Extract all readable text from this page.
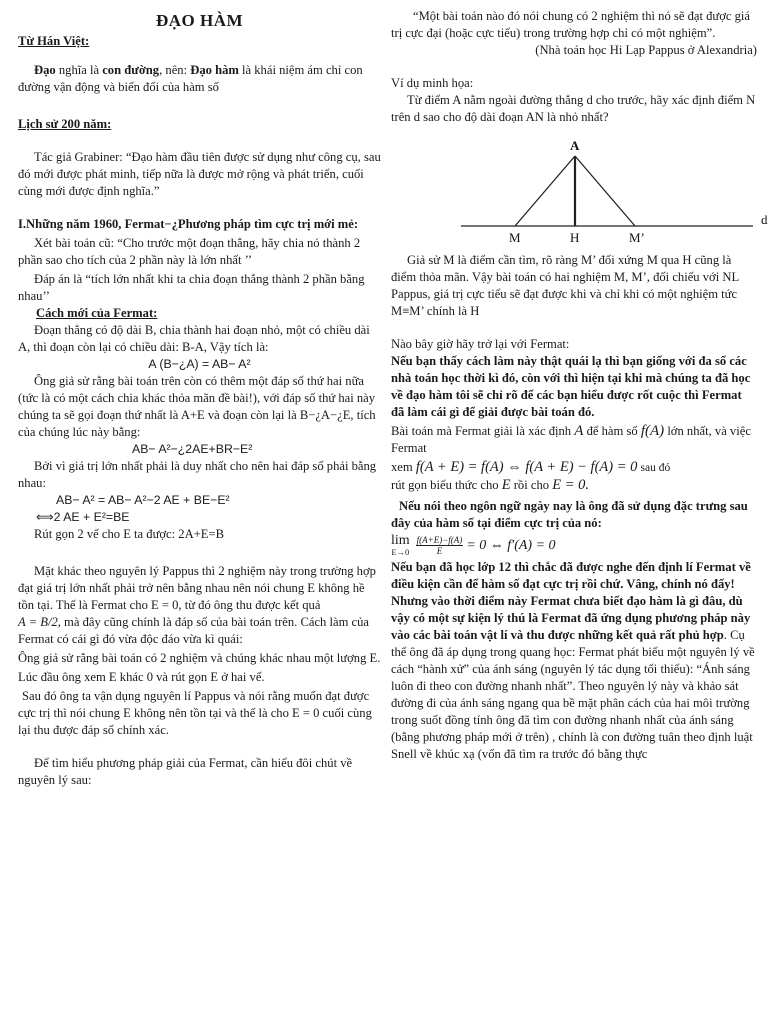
ĐẠO HÀM

Từ Hán Việt:

Đạo nghĩa là con đường, nên: Đạo hàm là khái niệm ám chỉ con đường vận động và biến đổi của hàm số

Lịch sử 200 năm:

Tác giả Grabiner: “Đạo hàm đầu tiên được sử dụng như công cụ, sau đó mới được phát minh, tiếp nữa là được mở rộng và phát triển, cuối cùng mới được định nghĩa.”

I.Những năm 1960, Fermat−¿Phương pháp tìm cực trị mới mẻ:

Xét bài toán cũ: “Cho trước một đoạn thẳng, hãy chia nó thành 2 phần sao cho tích của 2 phần này là lớn nhất ’’

Đáp án là “tích lớn nhất khi ta chia đoạn thẳng thành 2 phần bằng nhau’’

Cách mới của Fermat:

Đoạn thẳng có độ dài B, chia thành hai đoạn nhỏ, một có chiều dài A, thì đoạn còn lại có chiều dài: B-A, Vậy tích là:

A (B−¿A) = AB− A²

Ông giả sử rằng bài toán trên còn có thêm một đáp số thứ hai nữa (tức là có một cách chia khác thỏa mãn đề bài!), với đáp số thứ hai này chúng ta sẽ gọi đoạn thứ nhất là A+E và đoạn còn lại là B−¿A−¿E, tích của chúng lúc này bằng:

AB− A²−¿2AE+BR−E²

Bởi vì giá trị lớn nhất phải là duy nhất cho nên hai đáp số phải bằng nhau:

AB− A² = AB− A²−2 AE + BE−E²

⟺2 AE + E²=BE

Rút gọn 2 vế cho E ta được: 2A+E=B

Mặt khác theo nguyên lý Pappus thì 2 nghiệm này trong trường hợp đạt giá trị lớn nhất phải trở nên bằng nhau nên nói chung E không hề tồn tại. Thế là Fermat cho E = 0, từ đó ông thu được kết quả

A = B/2, mà đây cũng chính là đáp số của bài toán trên. Cách làm của Fermat có cái gì đó vừa độc đáo vừa kì quái:

Ông giả sử rằng bài toán có 2 nghiệm và chúng khác nhau một lượng E.

Lúc đầu ông xem E khác 0 và rút gọn E ở hai vế.

Sau đó ông ta vận dụng nguyên lí Pappus và nói rằng muốn đạt được cực trị thì nói chung E không nên tồn tại và thế là cho E = 0 cuối cùng lại thu được đáp số chính xác.

Để tìm hiểu phương pháp giải của Fermat, cần hiểu đôi chút về nguyên lý sau:

“Một bài toán nào đó nói chung có 2 nghiệm thì nó sẽ đạt được giá trị cực đại (hoặc cực tiểu) trong trường hợp chỉ có một nghiệm”.

(Nhà toán học Hi Lạp Pappus ở Alexandria)

Ví dụ minh họa:

Từ điểm A nằm ngoài đường thẳng d cho trước, hãy xác định điểm N trên d sao cho độ dài đoạn AN là nhỏ nhất?

A
M	H	M’
d

Giả sử M là điểm cần tìm, rõ ràng M’ đối xứng M qua H cũng là điểm thỏa mãn. Vậy bài toán có hai nghiệm M, M’, đối chiếu với NL Pappus, giá trị cực tiểu sẽ đạt được khi và chỉ khi có một nghiệm tức M≡M’ chính là H

Nào bây giờ hãy trở lại với Fermat:

Nếu bạn thấy cách làm này thật quái lạ thì bạn giống với đa số các nhà toán học thời kì đó, còn với thì hiện tại khi mà chúng ta đã học về đạo hàm tôi sẽ chỉ rõ để các bạn hiểu được rốt cuộc thì Fermat đã làm cái gì để giải được bài toán đó.

Bài toán mà Fermat giải là xác định A để hàm số f(A) lớn nhất, và việc Fermat

xem f(A + E) = f(A) ⇔ f(A + E) − f(A) = 0 sau đó

rút gọn biểu thức cho E rồi cho E = 0.

Nếu nói theo ngôn ngữ ngày nay là ông đã sử dụng đặc trưng sau đây của hàm số tại điểm cực trị của nó:

lim
$E\to 0 \frac{f(A+E)-f(A)}{E} = 0$ ⇔ f′(A) = 0

Nếu bạn đã học lớp 12 thì chắc đã được nghe đến định lí Fermat về điều kiện cần để hàm số đạt cực trị rồi chứ. Vâng, chính nó đấy!

Nhưng vào thời điểm này Fermat chưa biết đạo hàm là gì đâu, dù vậy có một sự kiện lý thú là Fermat đã ứng dụng phương pháp này vào các bài toán vật lí và thu được những kết quả rất phủ hợp. Cụ thể ông đã áp dụng trong quang học: Fermat phát biểu một nguyên lý về cách “hành xử” của ánh sáng (nguyên lý tác dụng tối thiểu): “Ánh sáng luôn đi theo con đường nhanh nhất”. Theo nguyên lý này và khảo sát đường đi của ánh sáng ngang qua bề mặt phân cách của hai môi trường trong suốt đồng tính ông đã tìm con đường nhanh nhất của ánh sáng (bằng phương pháp mới ở trên) , chính là con đường tuân theo định luật Snell về khúc xạ (vốn đã tìm ra trước đó bằng thực
